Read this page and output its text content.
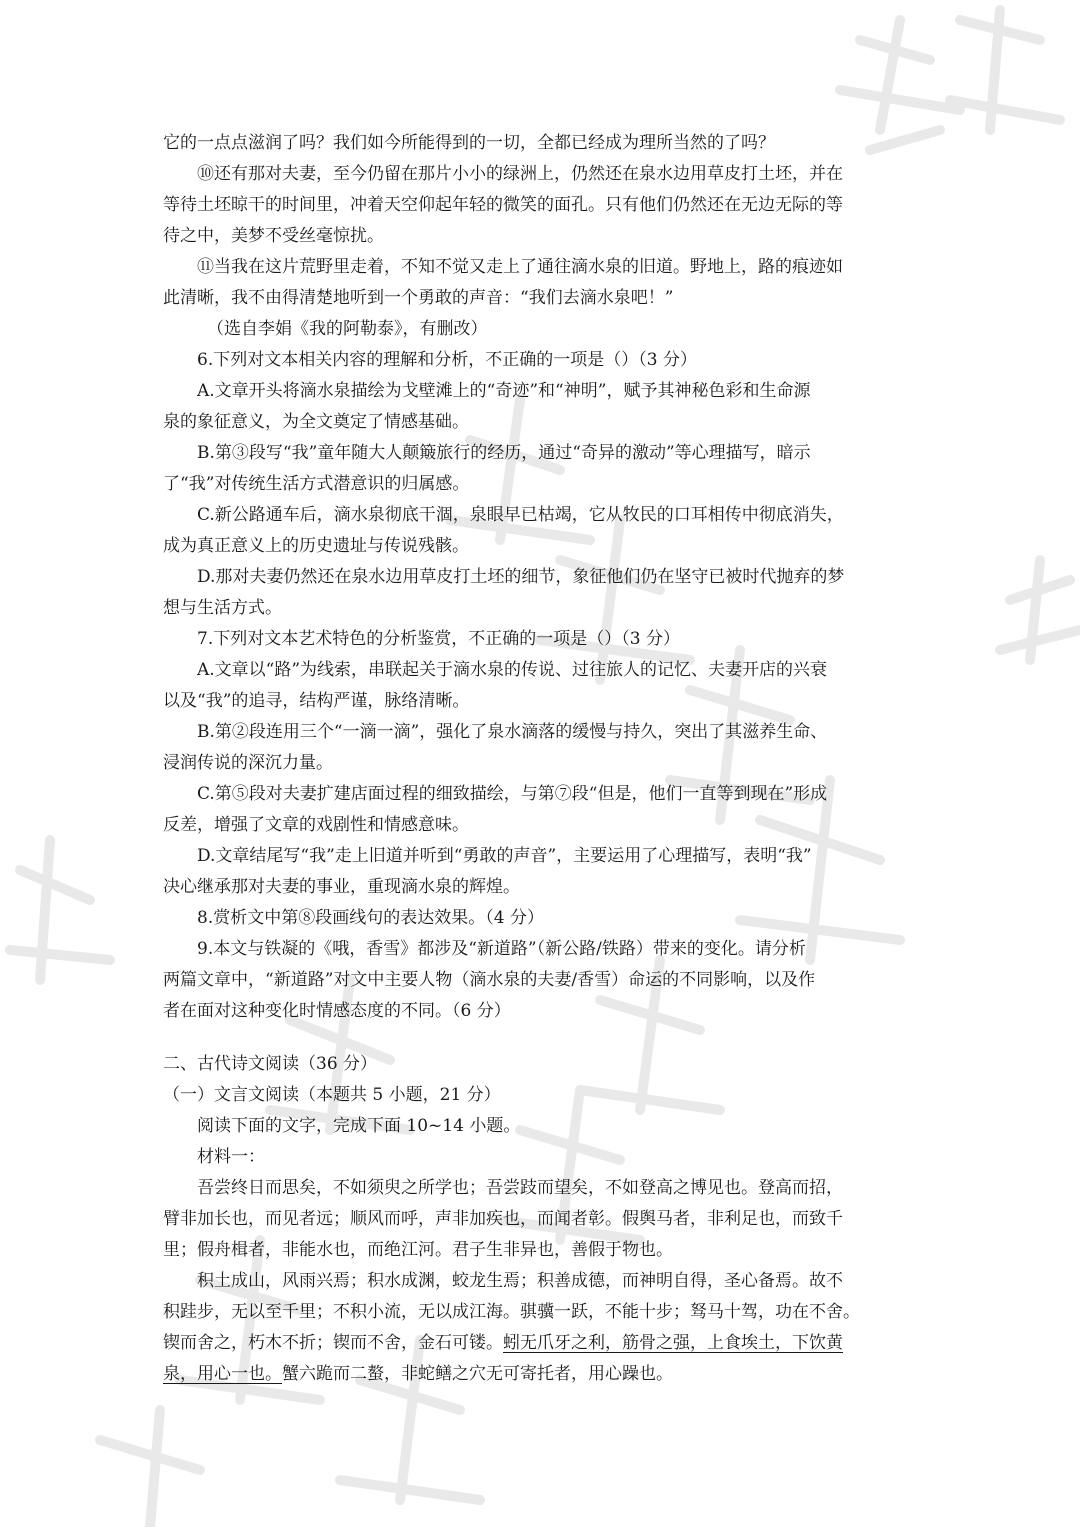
它的一点点滋润了吗？我们如今所能得到的一切，全都已经成为理所当然的了吗？
⑩还有那对夫妻，至今仍留在那片小小的绿洲上，仍然还在泉水边用草皮打土坯，并在
等待土坯晾干的时间里，冲着天空仰起年轻的微笑的面孔。只有他们仍然还在无边无际的等
待之中，美梦不受丝毫惊扰。
⑪当我在这片荒野里走着，不知不觉又走上了通往滴水泉的旧道。野地上，路的痕迹如
此清晰，我不由得清楚地听到一个勇敢的声音：“我们去滴水泉吧！”
（选自李娟《我的阿勒泰》，有删改）
6.下列对文本相关内容的理解和分析，不正确的一项是（）（3 分）
A.文章开头将滴水泉描绘为戈壁滩上的“奇迹”和“神明”，赋予其神秘色彩和生命源
泉的象征意义，为全文奠定了情感基础。
B.第③段写“我”童年随大人颠簸旅行的经历，通过“奇异的激动”等心理描写，暗示
了“我”对传统生活方式潜意识的归属感。
C.新公路通车后，滴水泉彻底干涸，泉眼早已枯竭，它从牧民的口耳相传中彻底消失，
成为真正意义上的历史遗址与传说残骸。
D.那对夫妻仍然还在泉水边用草皮打土坯的细节，象征他们仍在坚守已被时代抛弃的梦
想与生活方式。
7.下列对文本艺术特色的分析鉴赏，不正确的一项是（）（3 分）
A.文章以“路”为线索，串联起关于滴水泉的传说、过往旅人的记忆、夫妻开店的兴衰
以及“我”的追寻，结构严谨，脉络清晰。
B.第②段连用三个“一滴一滴”，强化了泉水滴落的缓慢与持久，突出了其滋养生命、
浸润传说的深沉力量。
C.第⑤段对夫妻扩建店面过程的细致描绘，与第⑦段“但是，他们一直等到现在”形成
反差，增强了文章的戏剧性和情感意味。
D.文章结尾写“我”走上旧道并听到“勇敢的声音”，主要运用了心理描写，表明“我”
决心继承那对夫妻的事业，重现滴水泉的辉煌。
8.赏析文中第⑧段画线句的表达效果。（4 分）
9.本文与铁凝的《哦，香雪》都涉及“新道路”（新公路/铁路）带来的变化。请分析
两篇文章中，“新道路”对文中主要人物（滴水泉的夫妻/香雪）命运的不同影响，以及作
者在面对这种变化时情感态度的不同。（6 分）
二、古代诗文阅读（36 分）
（一）文言文阅读（本题共 5 小题，21 分）
阅读下面的文字，完成下面 10~14 小题。
材料一：
吾尝终日而思矣，不如须臾之所学也；吾尝跂而望矣，不如登高之博见也。登高而招，
臂非加长也，而见者远；顺风而呼，声非加疾也，而闻者彰。假舆马者，非利足也，而致千
里；假舟楫者，非能水也，而绝江河。君子生非异也，善假于物也。
积土成山，风雨兴焉；积水成渊，蛟龙生焉；积善成德，而神明自得，圣心备焉。故不
积跬步，无以至千里；不积小流，无以成江海。骐骥一跃，不能十步；驽马十驾，功在不舍。
锲而舍之，朽木不折；锲而不舍，金石可镂。蚓无爪牙之利，筋骨之强，上食埃土，下饮黄
泉，用心一也。蟹六跪而二螯，非蛇鳝之穴无可寄托者，用心躁也。
